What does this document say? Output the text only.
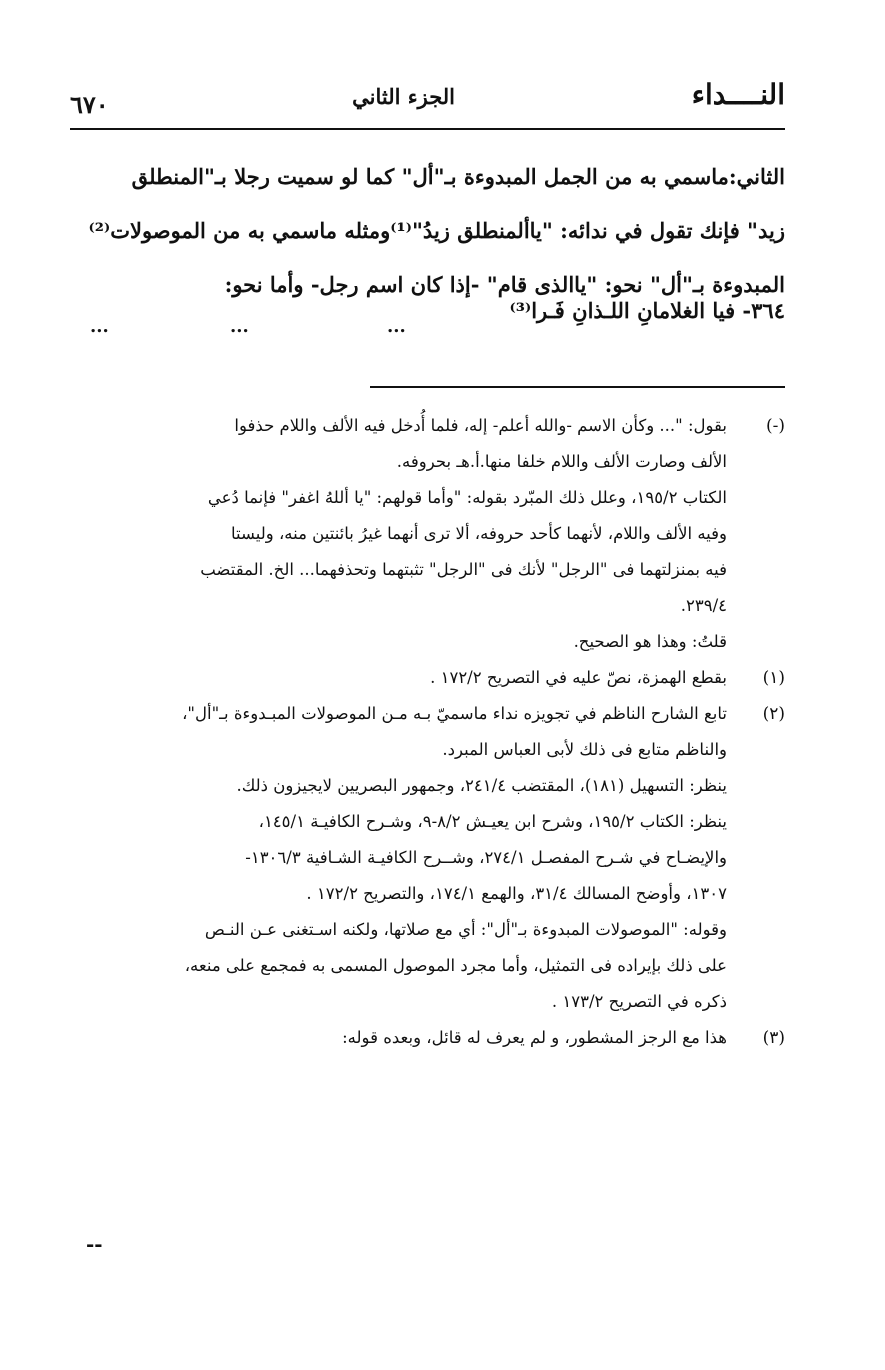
النــــداء
الجزء الثاني
٦٧٠
الثاني:ماسمي به من الجمل المبدوءة بـ"أل" كما لو سميت رجلا بـ"المنطلق
زيد" فإنك تقول في ندائه: "ياألمنطلق زيدُ"⁽¹⁾ومثله ماسمي به من الموصولات⁽²⁾
المبدوءة بـ"أل" نحو: "ياالذى قام" -إذا كان اسم رجل- وأما نحو:
٣٦٤- فيا الغلامانِ اللـذانِ فَـرا⁽³⁾
...
...
...
(-)
بقول: "... وكأن الاسم -والله أعلم- إله، فلما أُدخل فيه الألف واللام حذفوا
الألف وصارت الألف واللام خلفا منها.أ.هـ بحروفه.
الكتاب ١٩٥/٢، وعلل ذلك المبّرد بقوله: "وأما قولهم: "يا أللهُ اغفر" فإنما دُعي
وفيه الألف واللام، لأنهما كأحد حروفه، ألا ترى أنهما غيرُ بائنتين منه، وليستا
فيه بمنزلتهما فى "الرجل" لأنك فى "الرجل" تثبتهما وتحذفهما... الخ. المقتضب
٢٣٩/٤.
قلتُ: وهذا هو الصحيح.
(١)
بقطع الهمزة، نصّ عليه في التصريح ١٧٢/٢ .
(٢)
تابع الشارح الناظم في تجويزه نداء ماسميّ بـه مـن الموصولات المبـدوءة بـ"أل"،
والناظم متابع فى ذلك لأبى العباس المبرد.
ينظر: التسهيل (١٨١)، المقتضب ٢٤١/٤، وجمهور البصريين لايجيزون ذلك.
ينظر: الكتاب ١٩٥/٢، وشرح ابن يعيـش ٨/٢-٩، وشـرح الكافيـة ١٤٥/١،
والإيضـاح في شـرح المفصـل ٢٧٤/١، وشــرح الكافيـة الشـافية ١٣٠٦/٣-
١٣٠٧، وأوضح المسالك ٣١/٤، والهمع ١٧٤/١، والتصريح ١٧٢/٢ .
وقوله: "الموصولات المبدوءة بـ"أل": أي مع صلاتها، ولكنه اسـتغنى عـن النـص
على ذلك بإيراده فى التمثيل، وأما مجرد الموصول المسمى به فمجمع على منعه،
ذكره في التصريح ١٧٣/٢ .
(٣)
هذا مع الرجز المشطور، و لم يعرف له قائل، وبعده قوله:
--
